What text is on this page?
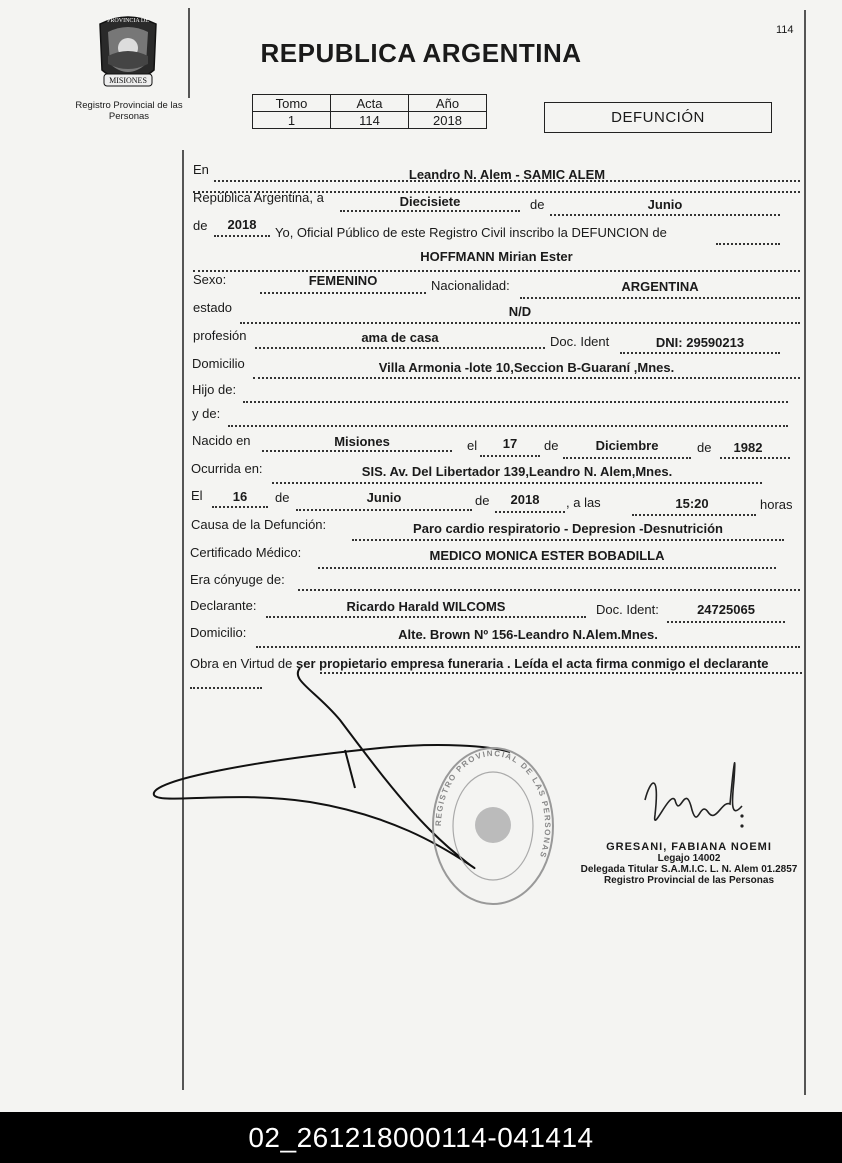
114
MISIONES
PROVINCIA DE
Registro Provincial de las Personas
REPUBLICA ARGENTINA
Tomo	Acta	Año
1	114	2018	DEFUNCIÓN
En	Leandro N. Alem - SAMIC ALEM
República Argentina, a	Diecisiete	de	Junio
de	2018
Yo, Oficial Público de este Registro Civil inscribo la DEFUNCION de
HOFFMANN Mirian Ester
Sexo:	FEMENINO	Nacionalidad:	ARGENTINA
estado	N/D
profesión	ama de casa	Doc. Ident	DNI: 29590213
Domicilio	Villa Armonia -lote 10,Seccion B-Guaraní ,Mnes.
Hijo de:
y de:
Nacido en	Misiones	el	17	de	Diciembre	de	1982
Ocurrida en:	SIS. Av. Del Libertador 139,Leandro N. Alem,Mnes.
El	16	de	Junio	de	2018	, a las	15:20	horas
Causa de la Defunción:	Paro cardio respiratorio - Depresion -Desnutrición
Certificado Médico:	MEDICO MONICA ESTER BOBADILLA
Era cónyuge de:
Declarante:	Ricardo Harald WILCOMS	Doc. Ident:	24725065
Domicilio:	Alte. Brown Nº 156-Leandro N.Alem.Mnes.
Obra en Virtud de ser propietario empresa funeraria . Leída el acta firma conmigo el declarante
REGISTRO PROVINCIAL DE LAS PERSONAS
GRESANI, FABIANA NOEMI
Legajo 14002
Delegada Titular S.A.M.I.C. L. N. Alem 01.2857
Registro Provincial de las Personas
02_261218000114-041414
